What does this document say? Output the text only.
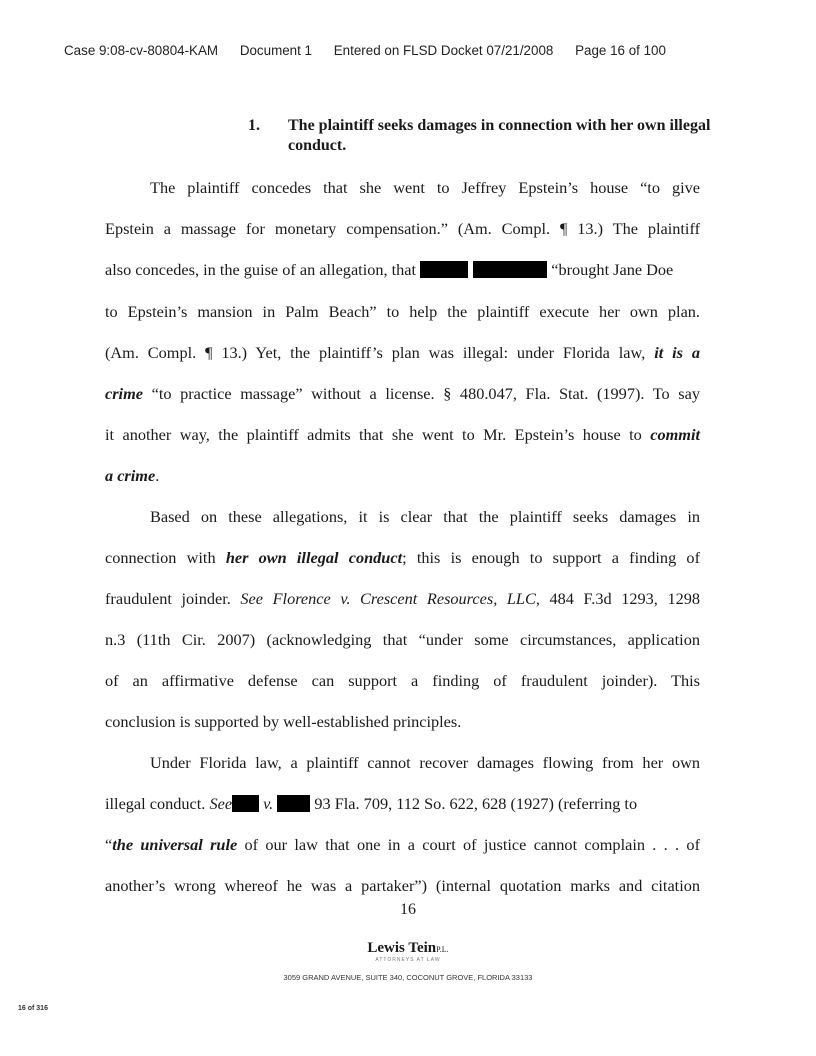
Case 9:08-cv-80804-KAM Document 1 Entered on FLSD Docket 07/21/2008 Page 16 of 100
1. The plaintiff seeks damages in connection with her own illegal conduct.
The plaintiff concedes that she went to Jeffrey Epstein’s house “to give
Epstein a massage for monetary compensation.” (Am. Compl. ¶ 13.) The plaintiff
also concedes, in the guise of an allegation, that	“brought Jane Doe
to Epstein’s mansion in Palm Beach” to help the plaintiff execute her own plan.
(Am. Compl. ¶ 13.) Yet, the plaintiff’s plan was illegal: under Florida law, it is a
crime “to practice massage” without a license. § 480.047, Fla. Stat. (1997). To say
it another way, the plaintiff admits that she went to Mr. Epstein’s house to commit
a crime.
Based on these allegations, it is clear that the plaintiff seeks damages in
connection with her own illegal conduct; this is enough to support a finding of
fraudulent joinder. See Florence v. Crescent Resources, LLC, 484 F.3d 1293, 1298
n.3 (11th Cir. 2007) (acknowledging that “under some circumstances, application
of an affirmative defense can support a finding of fraudulent joinder). This
conclusion is supported by well-established principles.
Under Florida law, a plaintiff cannot recover damages flowing from her own
illegal conduct. See v.	93 Fla. 709, 112 So. 622, 628 (1927) (referring to
“the universal rule of our law that one in a court of justice cannot complain . . . of
another’s wrong whereof he was a partaker”) (internal quotation marks and citation
16
Lewis TeinP.L.
ATTORNEYS AT LAW
3059 GRAND AVENUE, SUITE 340, COCONUT GROVE, FLORIDA 33133
16 of 316
